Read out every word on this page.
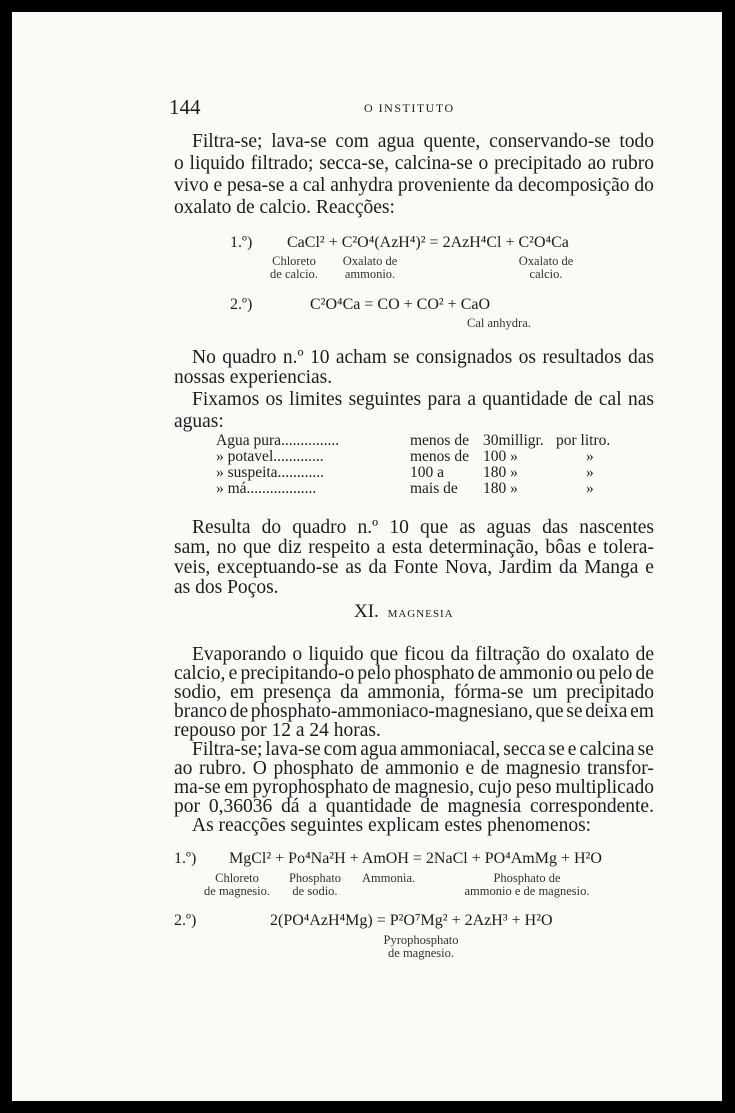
144	O INSTITUTO
Filtra-se; lava-se com agua quente, conservando-se todo
o liquido filtrado; secca-se, calcina-se o precipitado ao rubro
vivo e pesa-se a cal anhydra proveniente da decomposição do
oxalato de calcio. Reacções:
1.º) CaCl² + C²O⁴(AzH⁴)² = 2AzH⁴Cl + C²O⁴Ca
Chloreto
de calcio.
Oxalato de
ammonio.
Oxalato de
calcio.
2.º)	C²O⁴Ca = CO + CO² + CaO
Cal anhydra.
No quadro n.º 10 acham se consignados os resultados das
nossas experiencias.
Fixamos os limites seguintes para a quantidade de cal nas
aguas:
Agua pura...............	menos de 30milligr. por litro.
» potavel.............	menos de 100 »	»
» suspeita............	100 a	180 »	»
» má..................	mais de 180 »	»
Resulta do quadro n.º 10 que as aguas das nascentes
sam, no que diz respeito a esta determinação, bôas e tolera-
veis, exceptuando-se as da Fonte Nova, Jardim da Manga e
as dos Poços.
XI. MAGNESIA
Evaporando o liquido que ficou da filtração do oxalato de
calcio, e precipitando-o pelo phosphato de ammonio ou pelo de
sodio, em presença da ammonia, fórma-se um precipitado
branco de phosphato-ammoniaco-magnesiano, que se deixa em
repouso por 12 a 24 horas.
Filtra-se; lava-se com agua ammoniacal, secca se e calcina se
ao rubro. O phosphato de ammonio e de magnesio transfor-
ma-se em pyrophosphato de magnesio, cujo peso multiplicado
por 0,36036 dá a quantidade de magnesia correspondente.
As reacções seguintes explicam estes phenomenos:
1.º) MgCl² + Po⁴Na²H + AmOH = 2NaCl + PO⁴AmMg + H²O
Chloreto
de magnesio.
Phosphato
de sodio.
Ammonia.	Phosphato de
ammonio e de magnesio.
2.º)	2(PO⁴AzH⁴Mg) = P²O⁷Mg² + 2AzH³ + H²O
Pyrophosphato
de magnesio.
